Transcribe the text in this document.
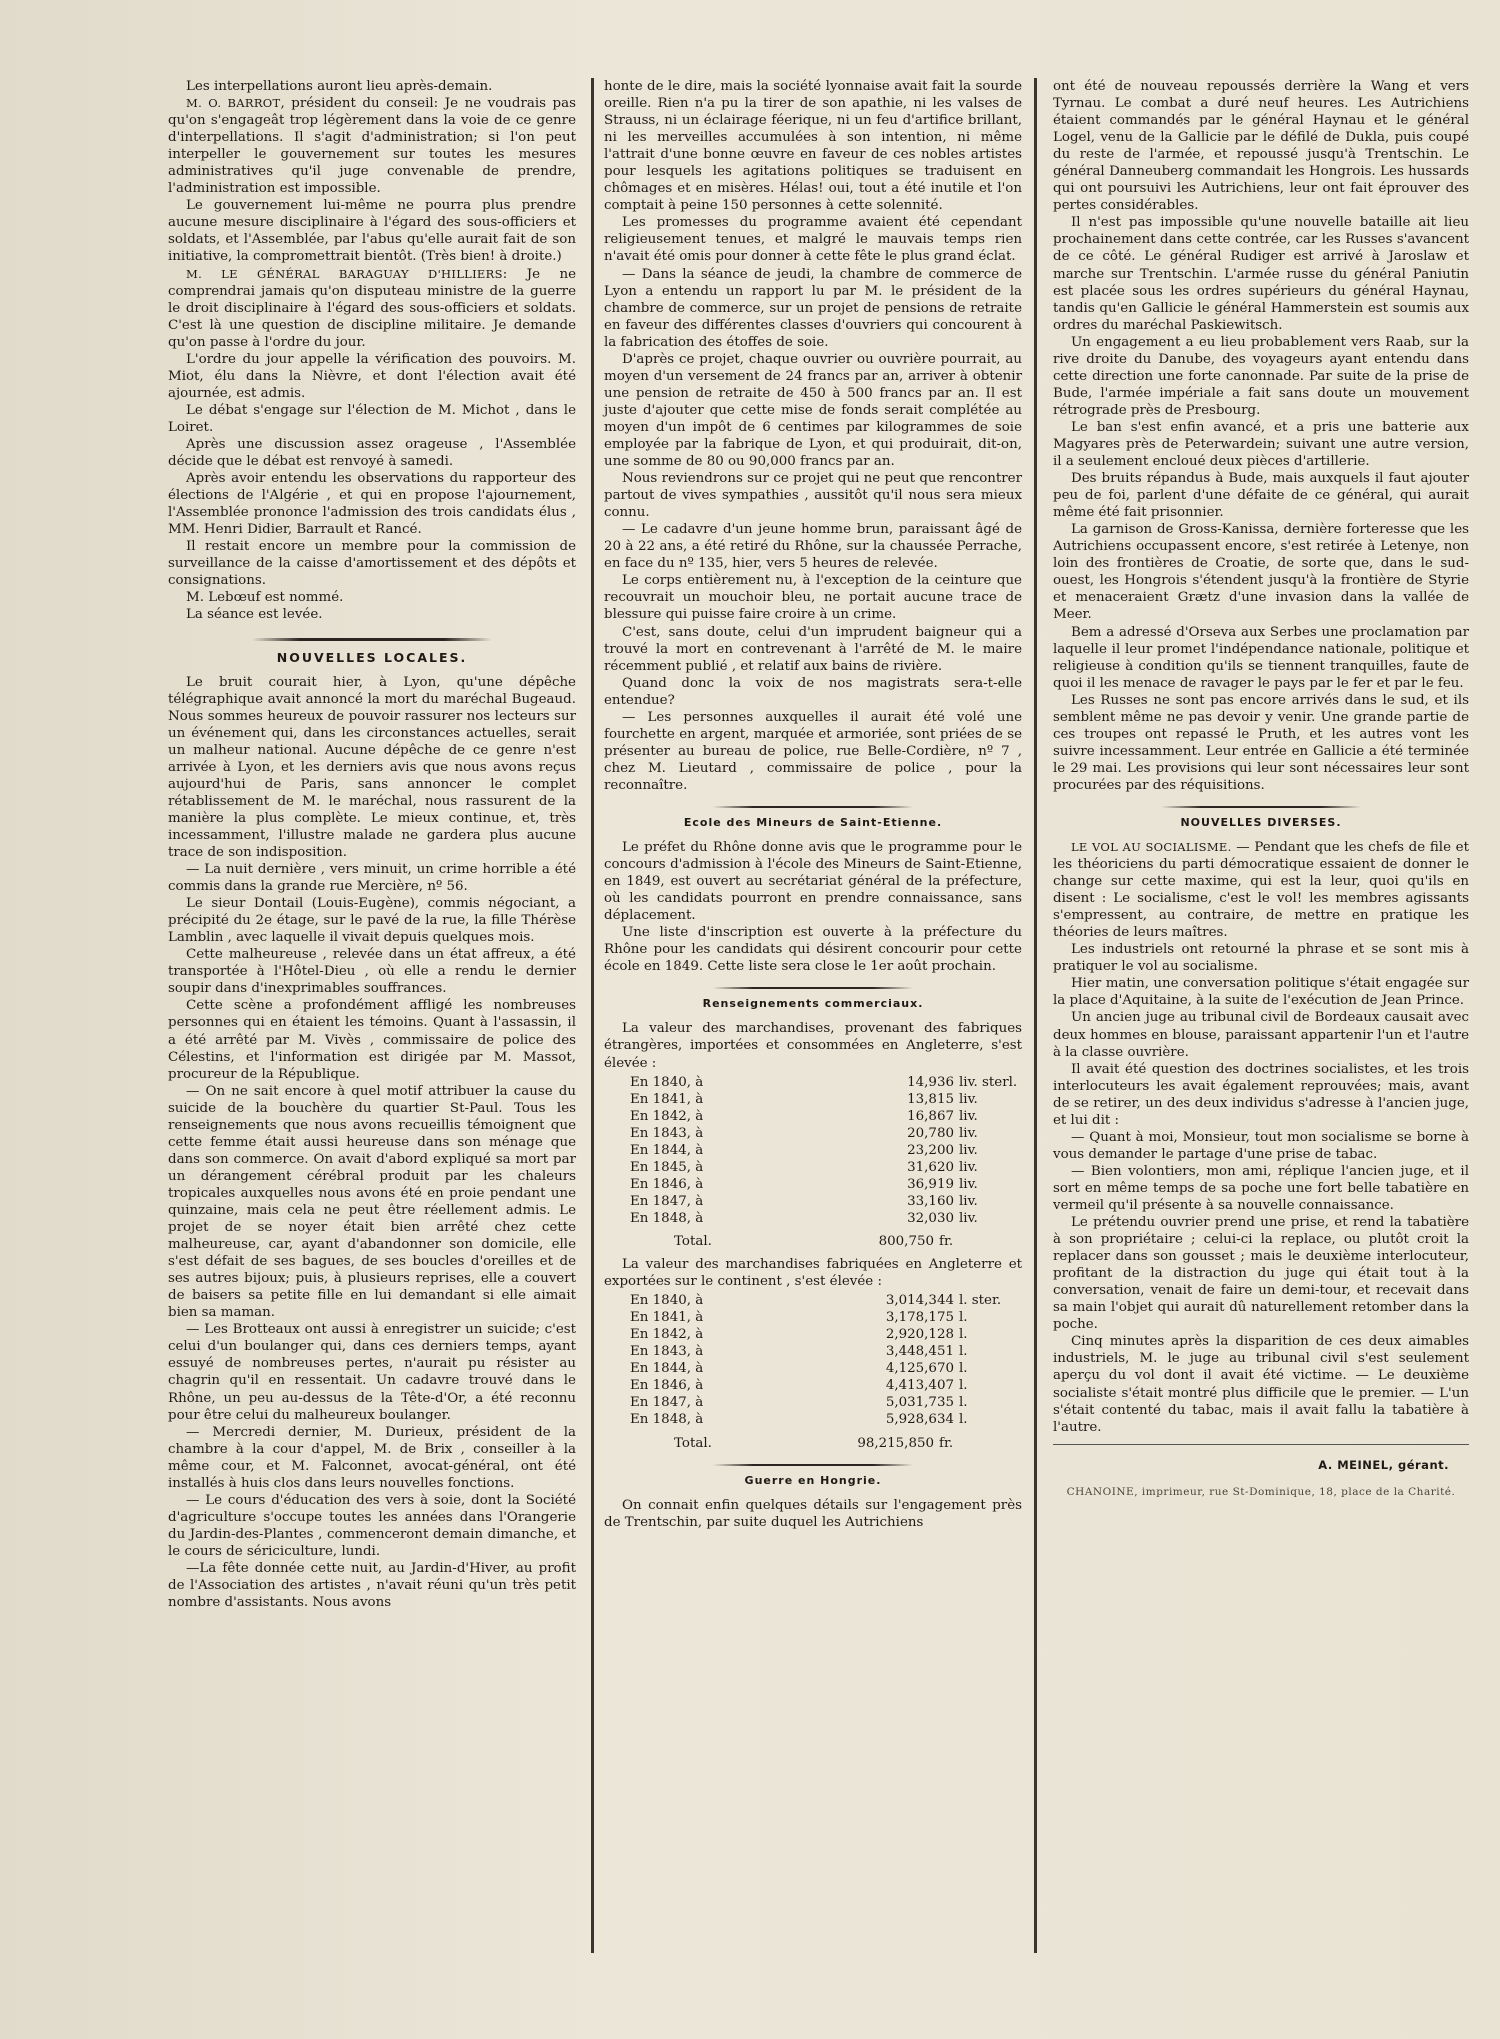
Les interpellations auront lieu après-demain.

M. O. BARROT, président du conseil: Je ne voudrais pas qu'on s'engageât trop légèrement dans la voie de ce genre d'interpellations. Il s'agit d'administration; si l'on peut interpeller le gouvernement sur toutes les mesures administratives qu'il juge convenable de prendre, l'administration est impossible.

Le gouvernement lui-même ne pourra plus prendre aucune mesure disciplinaire à l'égard des sous-officiers et soldats, et l'Assemblée, par l'abus qu'elle aurait fait de son initiative, la compromettrait bientôt. (Très bien! à droite.)

M. LE GÉNÉRAL BARAGUAY D'HILLIERS: Je ne comprendrai jamais qu'on disputeau ministre de la guerre le droit disciplinaire à l'égard des sous-officiers et soldats. C'est là une question de discipline militaire. Je demande qu'on passe à l'ordre du jour.

L'ordre du jour appelle la vérification des pouvoirs. M. Miot, élu dans la Nièvre, et dont l'élection avait été ajournée, est admis.

Le débat s'engage sur l'élection de M. Michot , dans le Loiret.

Après une discussion assez orageuse , l'Assemblée décide que le débat est renvoyé à samedi.

Après avoir entendu les observations du rapporteur des élections de l'Algérie , et qui en propose l'ajournement, l'Assemblée prononce l'admission des trois candidats élus , MM. Henri Didier, Barrault et Rancé.

Il restait encore un membre pour la commission de surveillance de la caisse d'amortissement et des dépôts et consignations.

M. Lebœuf est nommé.

La séance est levée.

NOUVELLES LOCALES.

Le bruit courait hier, à Lyon, qu'une dépêche télégraphique avait annoncé la mort du maréchal Bugeaud. Nous sommes heureux de pouvoir rassurer nos lecteurs sur un événement qui, dans les circonstances actuelles, serait un malheur national. Aucune dépêche de ce genre n'est arrivée à Lyon, et les derniers avis que nous avons reçus aujourd'hui de Paris, sans annoncer le complet rétablissement de M. le maréchal, nous rassurent de la manière la plus complète. Le mieux continue, et, très incessamment, l'illustre malade ne gardera plus aucune trace de son indisposition.

— La nuit dernière , vers minuit, un crime horrible a été commis dans la grande rue Mercière, nº 56.

Le sieur Dontail (Louis-Eugène), commis négociant, a précipité du 2e étage, sur le pavé de la rue, la fille Thérèse Lamblin , avec laquelle il vivait depuis quelques mois.

Cette malheureuse , relevée dans un état affreux, a été transportée à l'Hôtel-Dieu , où elle a rendu le dernier soupir dans d'inexprimables souffrances.

Cette scène a profondément affligé les nombreuses personnes qui en étaient les témoins. Quant à l'assassin, il a été arrêté par M. Vivès , commissaire de police des Célestins, et l'information est dirigée par M. Massot, procureur de la République.

— On ne sait encore à quel motif attribuer la cause du suicide de la bouchère du quartier St-Paul. Tous les renseignements que nous avons recueillis témoignent que cette femme était aussi heureuse dans son ménage que dans son commerce. On avait d'abord expliqué sa mort par un dérangement cérébral produit par les chaleurs tropicales auxquelles nous avons été en proie pendant une quinzaine, mais cela ne peut être réellement admis. Le projet de se noyer était bien arrêté chez cette malheureuse, car, ayant d'abandonner son domicile, elle s'est défait de ses bagues, de ses boucles d'oreilles et de ses autres bijoux; puis, à plusieurs reprises, elle a couvert de baisers sa petite fille en lui demandant si elle aimait bien sa maman.

— Les Brotteaux ont aussi à enregistrer un suicide; c'est celui d'un boulanger qui, dans ces derniers temps, ayant essuyé de nombreuses pertes, n'aurait pu résister au chagrin qu'il en ressentait. Un cadavre trouvé dans le Rhône, un peu au-dessus de la Tête-d'Or, a été reconnu pour être celui du malheureux boulanger.

— Mercredi dernier, M. Durieux, président de la chambre à la cour d'appel, M. de Brix , conseiller à la même cour, et M. Falconnet, avocat-général, ont été installés à huis clos dans leurs nouvelles fonctions.

— Le cours d'éducation des vers à soie, dont la Société d'agriculture s'occupe toutes les années dans l'Orangerie du Jardin-des-Plantes , commenceront demain dimanche, et le cours de sériciculture, lundi.

—La fête donnée cette nuit, au Jardin-d'Hiver, au profit de l'Association des artistes , n'avait réuni qu'un très petit nombre d'assistants. Nous avons

honte de le dire, mais la société lyonnaise avait fait la sourde oreille. Rien n'a pu la tirer de son apathie, ni les valses de Strauss, ni un éclairage féerique, ni un feu d'artifice brillant, ni les merveilles accumulées à son intention, ni même l'attrait d'une bonne œuvre en faveur de ces nobles artistes pour lesquels les agitations politiques se traduisent en chômages et en misères. Hélas! oui, tout a été inutile et l'on comptait à peine 150 personnes à cette solennité.

Les promesses du programme avaient été cependant religieusement tenues, et malgré le mauvais temps rien n'avait été omis pour donner à cette fête le plus grand éclat.

— Dans la séance de jeudi, la chambre de commerce de Lyon a entendu un rapport lu par M. le président de la chambre de commerce, sur un projet de pensions de retraite en faveur des différentes classes d'ouvriers qui concourent à la fabrication des étoffes de soie.

D'après ce projet, chaque ouvrier ou ouvrière pourrait, au moyen d'un versement de 24 francs par an, arriver à obtenir une pension de retraite de 450 à 500 francs par an. Il est juste d'ajouter que cette mise de fonds serait complétée au moyen d'un impôt de 6 centimes par kilogrammes de soie employée par la fabrique de Lyon, et qui produirait, dit-on, une somme de 80 ou 90,000 francs par an.

Nous reviendrons sur ce projet qui ne peut que rencontrer partout de vives sympathies , aussitôt qu'il nous sera mieux connu.

— Le cadavre d'un jeune homme brun, paraissant âgé de 20 à 22 ans, a été retiré du Rhône, sur la chaussée Perrache, en face du nº 135, hier, vers 5 heures de relevée.

Le corps entièrement nu, à l'exception de la ceinture que recouvrait un mouchoir bleu, ne portait aucune trace de blessure qui puisse faire croire à un crime.

C'est, sans doute, celui d'un imprudent baigneur qui a trouvé la mort en contrevenant à l'arrêté de M. le maire récemment publié , et relatif aux bains de rivière.

Quand donc la voix de nos magistrats sera-t-elle entendue?

— Les personnes auxquelles il aurait été volé une fourchette en argent, marquée et armoriée, sont priées de se présenter au bureau de police, rue Belle-Cordière, nº 7 , chez M. Lieutard , commissaire de police , pour la reconnaître.

Ecole des Mineurs de Saint-Etienne.

Le préfet du Rhône donne avis que le programme pour le concours d'admission à l'école des Mineurs de Saint-Etienne, en 1849, est ouvert au secrétariat général de la préfecture, où les candidats pourront en prendre connaissance, sans déplacement.

Une liste d'inscription est ouverte à la préfecture du Rhône pour les candidats qui désirent concourir pour cette école en 1849. Cette liste sera close le 1er août prochain.

Renseignements commerciaux.

La valeur des marchandises, provenant des fabriques étrangères, importées et consommées en Angleterre, s'est élevée :

En 1840, à	14,936	liv. sterl.
En 1841, à	13,815	liv.
En 1842, à	16,867	liv.
En 1843, à	20,780	liv.
En 1844, à	23,200	liv.
En 1845, à	31,620	liv.
En 1846, à	36,919	liv.
En 1847, à	33,160	liv.
En 1848, à	32,030	liv.
Total.	800,750 fr.

La valeur des marchandises fabriquées en Angleterre et exportées sur le continent , s'est élevée :

En 1840, à	3,014,344	l. ster.
En 1841, à	3,178,175	l.
En 1842, à	2,920,128	l.
En 1843, à	3,448,451	l.
En 1844, à	4,125,670	l.
En 1846, à	4,413,407	l.
En 1847, à	5,031,735	l.
En 1848, à	5,928,634	l.
Total.	98,215,850 fr.
Guerre en Hongrie.

On connait enfin quelques détails sur l'engagement près de Trentschin, par suite duquel les Autrichiens

ont été de nouveau repoussés derrière la Wang et vers Tyrnau. Le combat a duré neuf heures. Les Autrichiens étaient commandés par le général Haynau et le général Logel, venu de la Gallicie par le défilé de Dukla, puis coupé du reste de l'armée, et repoussé jusqu'à Trentschin. Le général Danneuberg commandait les Hongrois. Les hussards qui ont poursuivi les Autrichiens, leur ont fait éprouver des pertes considérables.

Il n'est pas impossible qu'une nouvelle bataille ait lieu prochainement dans cette contrée, car les Russes s'avancent de ce côté. Le général Rudiger est arrivé à Jaroslaw et marche sur Trentschin. L'armée russe du général Paniutin est placée sous les ordres supérieurs du général Haynau, tandis qu'en Gallicie le général Hammerstein est soumis aux ordres du maréchal Paskiewitsch.

Un engagement a eu lieu probablement vers Raab, sur la rive droite du Danube, des voyageurs ayant entendu dans cette direction une forte canonnade. Par suite de la prise de Bude, l'armée impériale a fait sans doute un mouvement rétrograde près de Presbourg.

Le ban s'est enfin avancé, et a pris une batterie aux Magyares près de Peterwardein; suivant une autre version, il a seulement encloué deux pièces d'artillerie.

Des bruits répandus à Bude, mais auxquels il faut ajouter peu de foi, parlent d'une défaite de ce général, qui aurait même été fait prisonnier.

La garnison de Gross-Kanissa, dernière forteresse que les Autrichiens occupassent encore, s'est retirée à Letenye, non loin des frontières de Croatie, de sorte que, dans le sud-ouest, les Hongrois s'étendent jusqu'à la frontière de Styrie et menaceraient Grætz d'une invasion dans la vallée de Meer.

Bem a adressé d'Orseva aux Serbes une proclamation par laquelle il leur promet l'indépendance nationale, politique et religieuse à condition qu'ils se tiennent tranquilles, faute de quoi il les menace de ravager le pays par le fer et par le feu.

Les Russes ne sont pas encore arrivés dans le sud, et ils semblent même ne pas devoir y venir. Une grande partie de ces troupes ont repassé le Pruth, et les autres vont les suivre incessamment. Leur entrée en Gallicie a été terminée le 29 mai. Les provisions qui leur sont nécessaires leur sont procurées par des réquisitions.

NOUVELLES DIVERSES.

LE VOL AU SOCIALISME. — Pendant que les chefs de file et les théoriciens du parti démocratique essaient de donner le change sur cette maxime, qui est la leur, quoi qu'ils en disent : Le socialisme, c'est le vol! les membres agissants s'empressent, au contraire, de mettre en pratique les théories de leurs maîtres.

Les industriels ont retourné la phrase et se sont mis à pratiquer le vol au socialisme.

Hier matin, une conversation politique s'était engagée sur la place d'Aquitaine, à la suite de l'exécution de Jean Prince.

Un ancien juge au tribunal civil de Bordeaux causait avec deux hommes en blouse, paraissant appartenir l'un et l'autre à la classe ouvrière.

Il avait été question des doctrines socialistes, et les trois interlocuteurs les avait également reprouvées; mais, avant de se retirer, un des deux individus s'adresse à l'ancien juge, et lui dit :

— Quant à moi, Monsieur, tout mon socialisme se borne à vous demander le partage d'une prise de tabac.

— Bien volontiers, mon ami, réplique l'ancien juge, et il sort en même temps de sa poche une fort belle tabatière en vermeil qu'il présente à sa nouvelle connaissance.

Le prétendu ouvrier prend une prise, et rend la tabatière à son propriétaire ; celui-ci la replace, ou plutôt croit la replacer dans son gousset ; mais le deuxième interlocuteur, profitant de la distraction du juge qui était tout à la conversation, venait de faire un demi-tour, et recevait dans sa main l'objet qui aurait dû naturellement retomber dans la poche.

Cinq minutes après la disparition de ces deux aimables industriels, M. le juge au tribunal civil s'est seulement aperçu du vol dont il avait été victime. — Le deuxième socialiste s'était montré plus difficile que le premier. — L'un s'était contenté du tabac, mais il avait fallu la tabatière à l'autre.

A. MEINEL, gérant.
CHANOINE, imprimeur, rue St-Dominique, 18, place de la Charité.
